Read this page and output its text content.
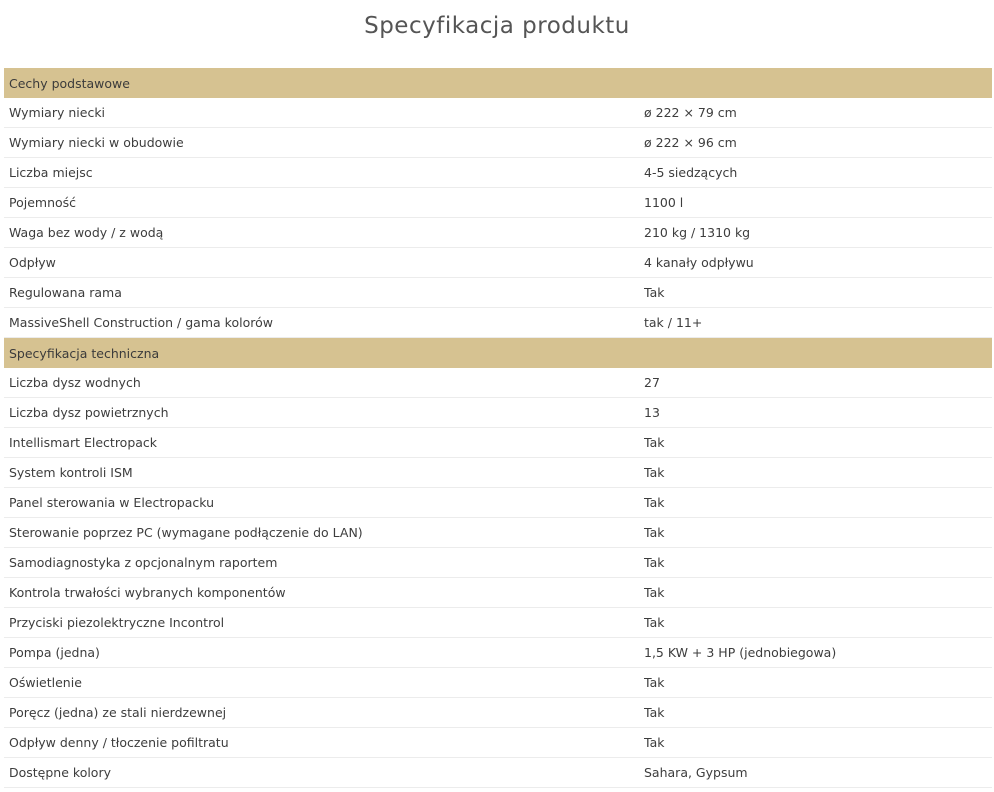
Specyfikacja produktu
Cechy podstawowe
Wymiary niecki	ø 222 × 79 cm
Wymiary niecki w obudowie	ø 222 × 96 cm
Liczba miejsc	4-5 siedzących
Pojemność	1100 l
Waga bez wody / z wodą	210 kg / 1310 kg
Odpływ	4 kanały odpływu
Regulowana rama	Tak
MassiveShell Construction / gama kolorów	tak / 11+
Specyfikacja techniczna
Liczba dysz wodnych	27
Liczba dysz powietrznych	13
Intellismart Electropack	Tak
System kontroli ISM	Tak
Panel sterowania w Electropacku	Tak
Sterowanie poprzez PC (wymagane podłączenie do LAN)	Tak
Samodiagnostyka z opcjonalnym raportem	Tak
Kontrola trwałości wybranych komponentów	Tak
Przyciski piezolektryczne Incontrol	Tak
Pompa (jedna)	1,5 KW + 3 HP (jednobiegowa)
Oświetlenie	Tak
Poręcz (jedna) ze stali nierdzewnej	Tak
Odpływ denny / tłoczenie pofiltratu	Tak
Dostępne kolory	Sahara, Gypsum
